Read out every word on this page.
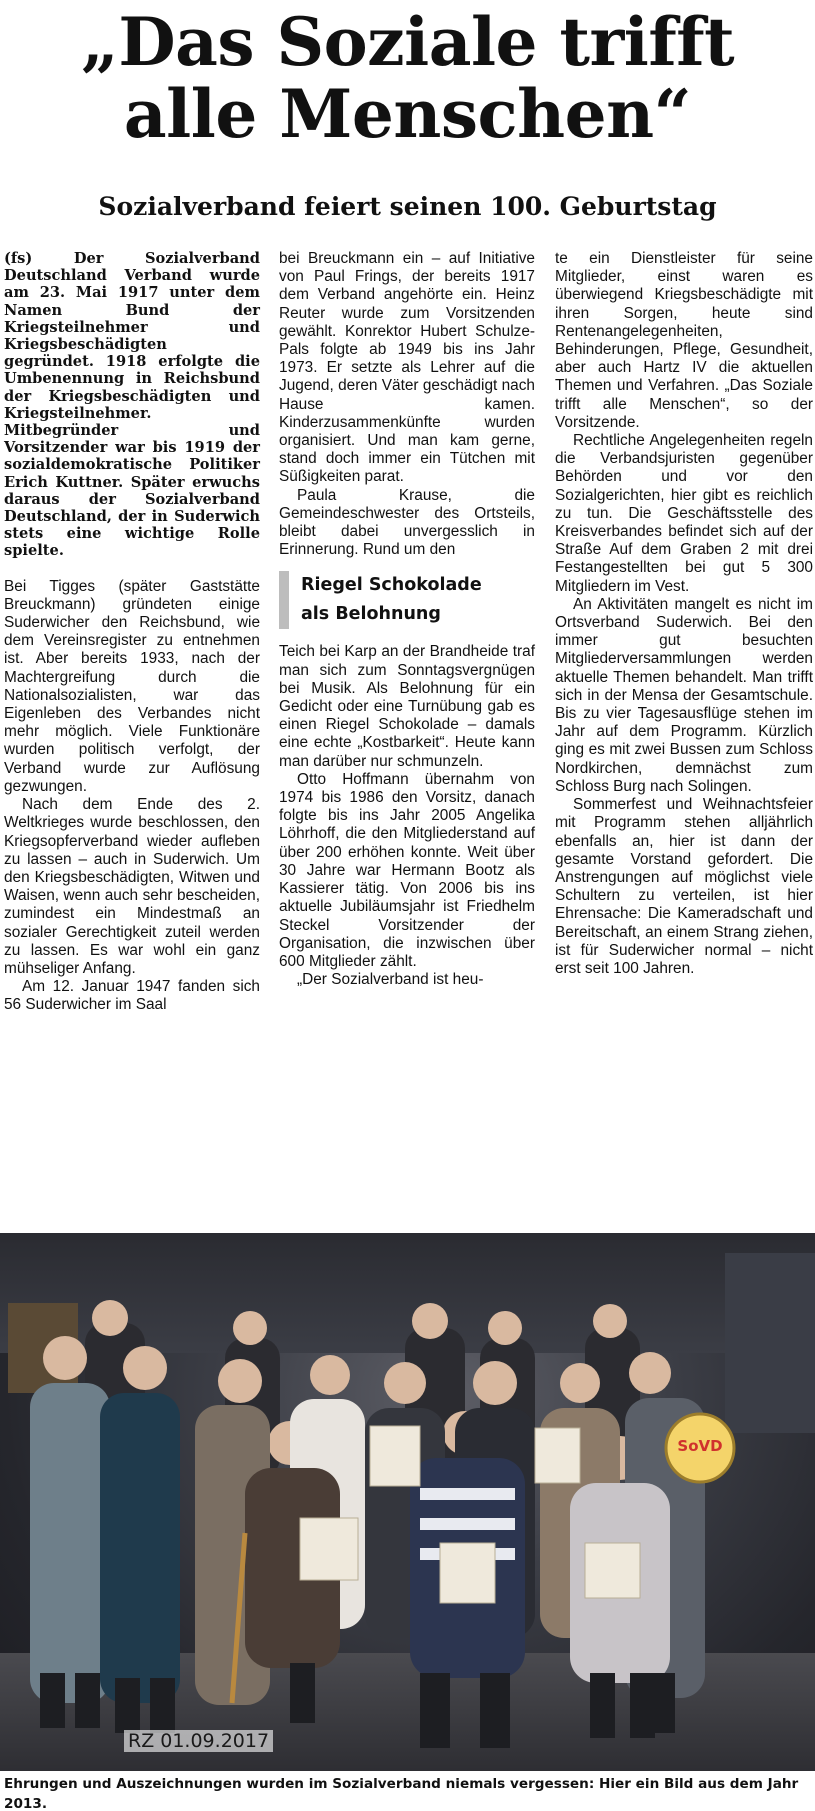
„Das Soziale trifft
alle Menschen“
Sozialverband feiert seinen 100. Geburtstag

(fs) Der Sozialverband Deutschland Verband wurde am 23. Mai 1917 unter dem Namen Bund der Kriegsteilnehmer und Kriegsbeschädigten gegründet. 1918 erfolgte die Umbenennung in Reichsbund der Kriegsbeschädigten und Kriegsteilnehmer. Mitbegründer und Vorsitzender war bis 1919 der sozialdemokratische Politiker Erich Kuttner. Später erwuchs daraus der Sozialverband Deutschland, der in Suderwich stets eine wichtige Rolle spielte.

Bei Tigges (später Gaststätte Breuckmann) gründeten einige Suderwicher den Reichsbund, wie dem Vereinsregister zu entnehmen ist. Aber bereits 1933, nach der Machtergreifung durch die Nationalsozialisten, war das Eigenleben des Verbandes nicht mehr möglich. Viele Funktionäre wurden politisch verfolgt, der Verband wurde zur Auflösung gezwungen.

Nach dem Ende des 2. Weltkrieges wurde beschlossen, den Kriegsopferverband wieder aufleben zu lassen – auch in Suderwich. Um den Kriegsbeschädigten, Witwen und Waisen, wenn auch sehr bescheiden, zumindest ein Mindestmaß an sozialer Gerechtigkeit zuteil werden zu lassen. Es war wohl ein ganz mühseliger Anfang.

Am 12. Januar 1947 fanden sich 56 Suderwicher im Saal

bei Breuckmann ein – auf Initiative von Paul Frings, der bereits 1917 dem Verband angehörte ein. Heinz Reuter wurde zum Vorsitzenden gewählt. Konrektor Hubert Schulze-Pals folgte ab 1949 bis ins Jahr 1973. Er setzte als Lehrer auf die Jugend, deren Väter geschädigt nach Hause kamen. Kinderzusammenkünfte wurden organisiert. Und man kam gerne, stand doch immer ein Tütchen mit Süßigkeiten parat.

Paula Krause, die Gemeindeschwester des Ortsteils, bleibt dabei unvergesslich in Erinnerung. Rund um den

Riegel Schokolade
als Belohnung

Teich bei Karp an der Brandheide traf man sich zum Sonntagsvergnügen bei Musik. Als Belohnung für ein Gedicht oder eine Turnübung gab es einen Riegel Schokolade – damals eine echte „Kostbarkeit“. Heute kann man darüber nur schmunzeln.

Otto Hoffmann übernahm von 1974 bis 1986 den Vorsitz, danach folgte bis ins Jahr 2005 Angelika Löhrhoff, die den Mitgliederstand auf über 200 erhöhen konnte. Weit über 30 Jahre war Hermann Bootz als Kassierer tätig. Von 2006 bis ins aktuelle Jubiläumsjahr ist Friedhelm Steckel Vorsitzender der Organisation, die inzwischen über 600 Mitglieder zählt.

„Der Sozialverband ist heu-

te ein Dienstleister für seine Mitglieder, einst waren es überwiegend Kriegsbeschädigte mit ihren Sorgen, heute sind Rentenangelegenheiten, Behinderungen, Pflege, Gesundheit, aber auch Hartz IV die aktuellen Themen und Verfahren. „Das Soziale trifft alle Menschen“, so der Vorsitzende.

Rechtliche Angelegenheiten regeln die Verbandsjuristen gegenüber Behörden und vor den Sozialgerichten, hier gibt es reichlich zu tun. Die Geschäftsstelle des Kreisverbandes befindet sich auf der Straße Auf dem Graben 2 mit drei Festangestellten bei gut 5 300 Mitgliedern im Vest.

An Aktivitäten mangelt es nicht im Ortsverband Suderwich. Bei den immer gut besuchten Mitgliederversammlungen werden aktuelle Themen behandelt. Man trifft sich in der Mensa der Gesamtschule. Bis zu vier Tagesausflüge stehen im Jahr auf dem Programm. Kürzlich ging es mit zwei Bussen zum Schloss Nordkirchen, demnächst zum Schloss Burg nach Solingen.

Sommerfest und Weihnachtsfeier mit Programm stehen alljährlich ebenfalls an, hier ist dann der gesamte Vorstand gefordert. Die Anstrengungen auf möglichst viele Schultern zu verteilen, ist hier Ehrensache: Die Kameradschaft und Bereitschaft, an einem Strang ziehen, ist für Suderwicher normal – nicht erst seit 100 Jahren.

SoVD
RZ 01.09.2017
Ehrungen und Auszeichnungen wurden im Sozialverband niemals vergessen: Hier ein Bild aus dem Jahr 2013.
